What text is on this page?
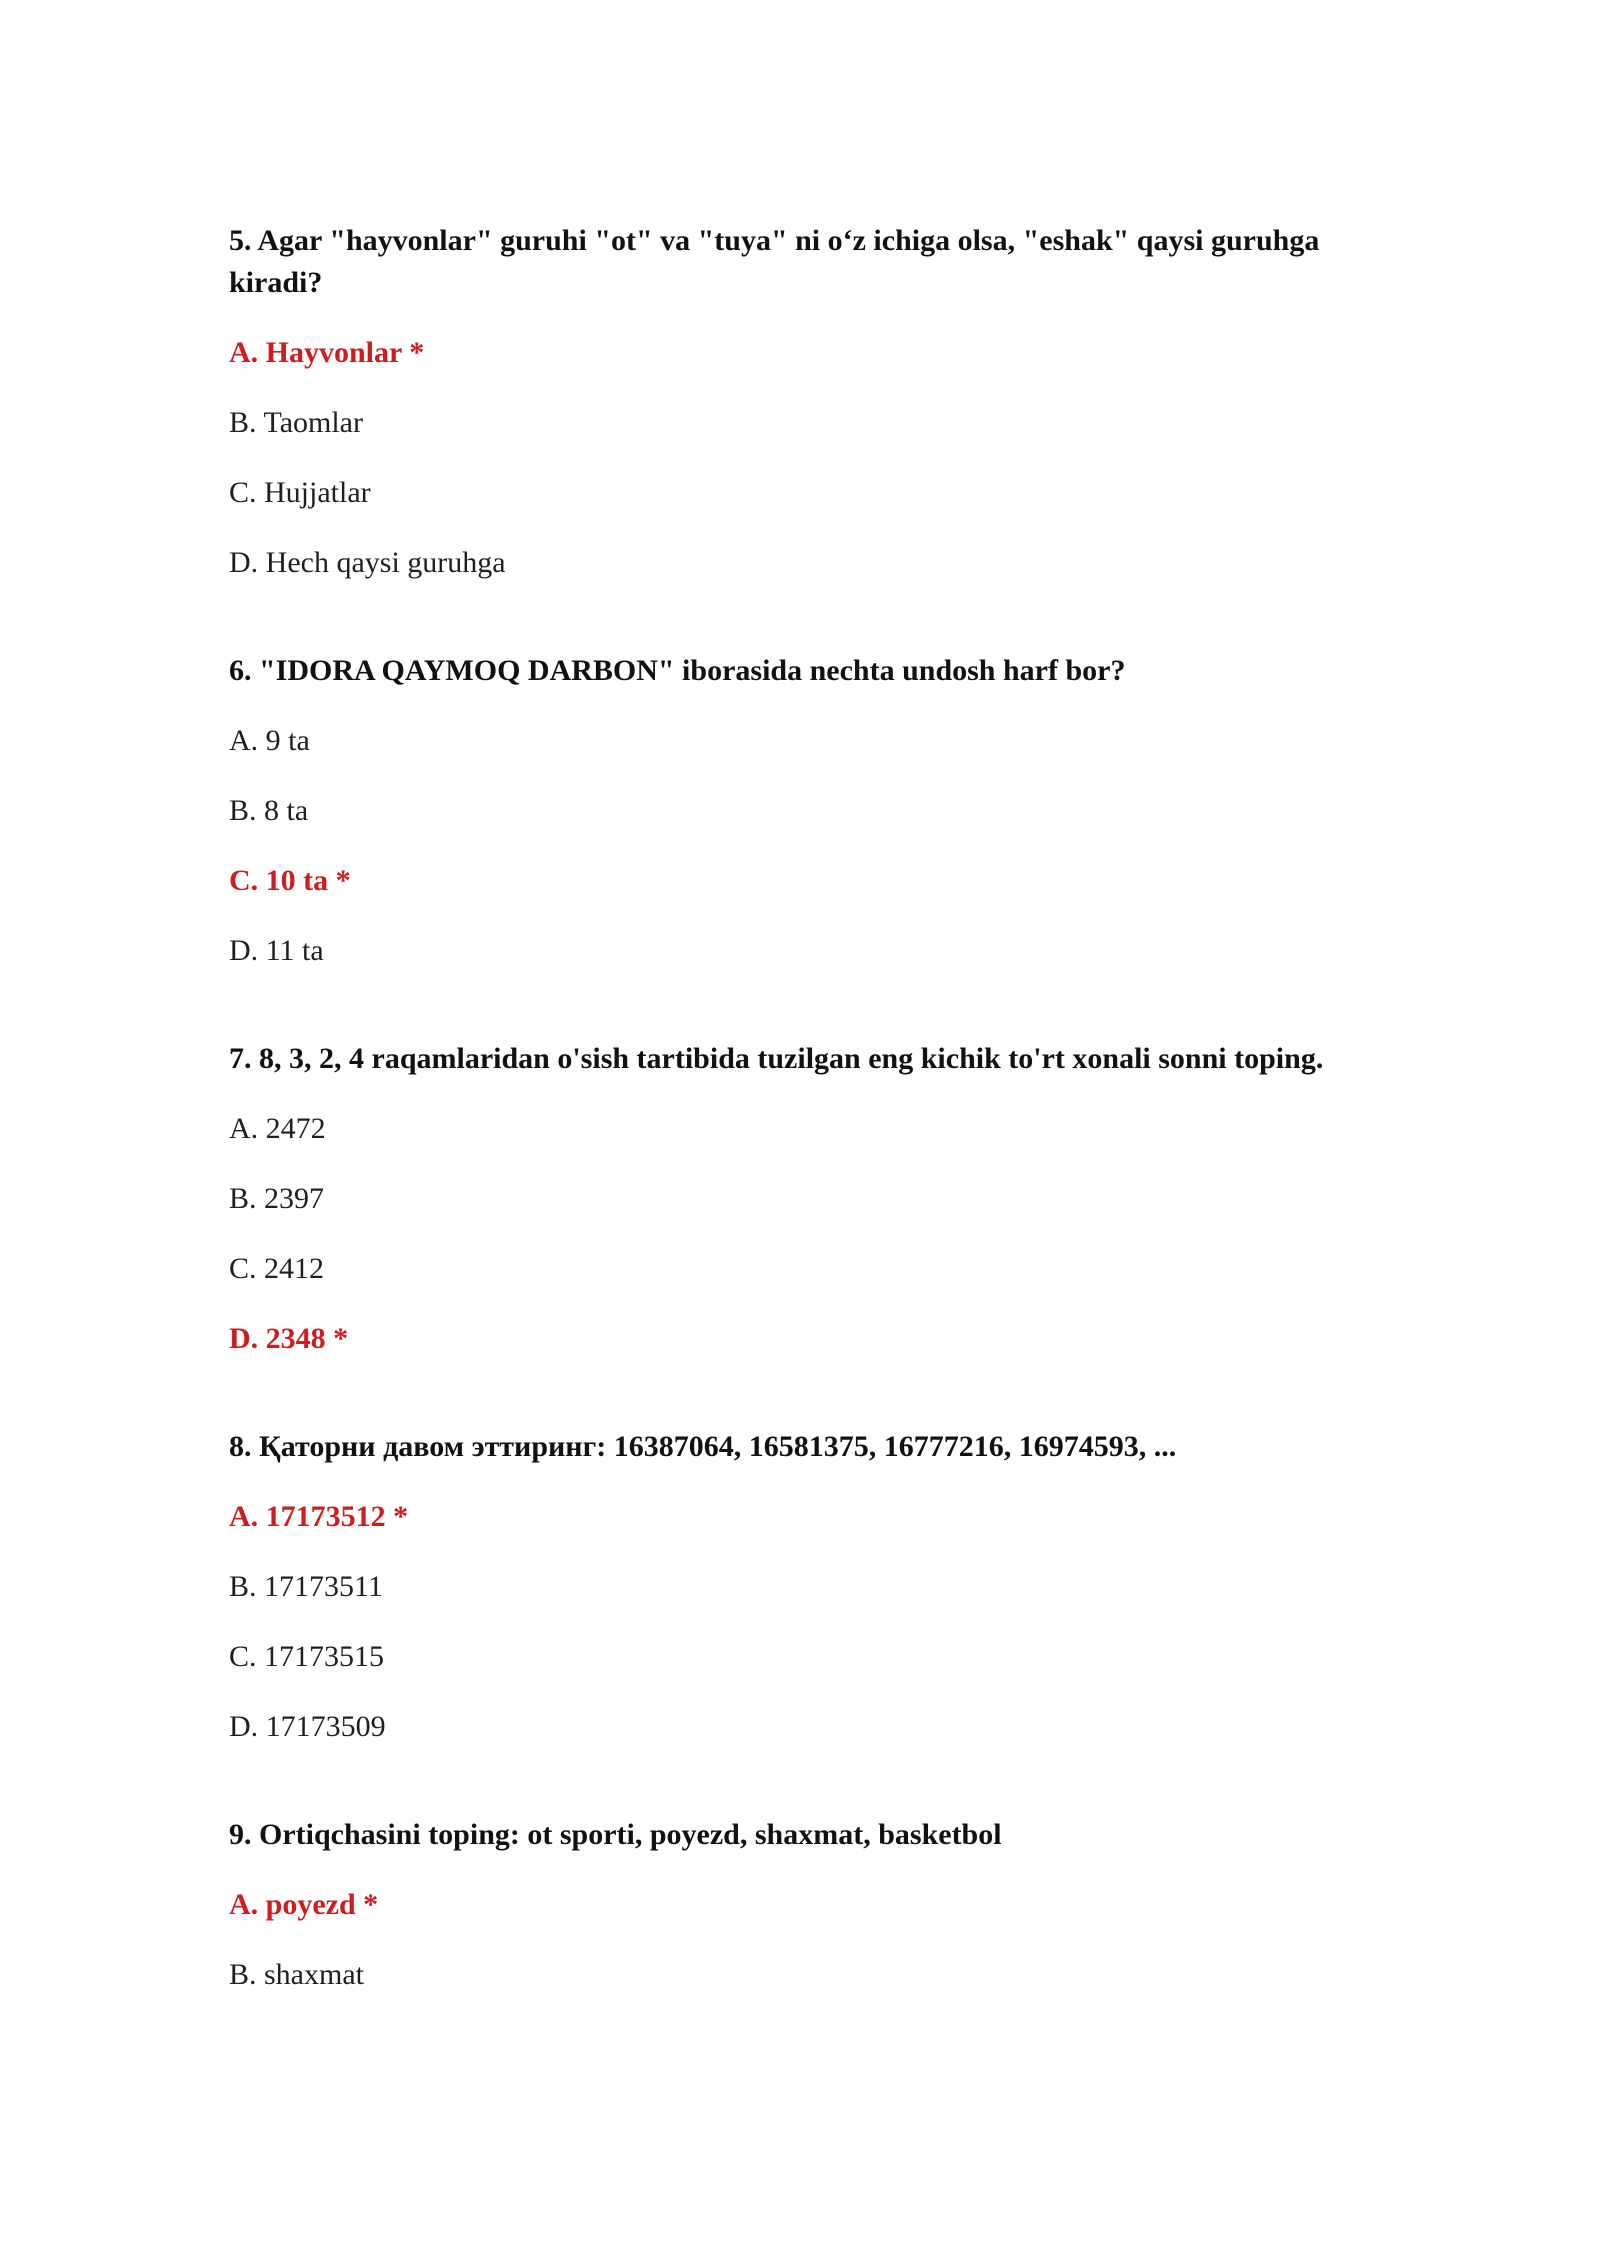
5. Agar "hayvonlar" guruhi "ot" va "tuya" ni o‘z ichiga olsa, "eshak" qaysi guruhga kiradi?

A. Hayvonlar *

B. Taomlar

C. Hujjatlar

D. Hech qaysi guruhga

6. "IDORA QAYMOQ DARBON" iborasida nechta undosh harf bor?

A. 9 ta

B. 8 ta

C. 10 ta *

D. 11 ta

7. 8, 3, 2, 4 raqamlaridan o'sish tartibida tuzilgan eng kichik to'rt xonali sonni toping.

A. 2472

B. 2397

C. 2412

D. 2348 *

8. Қаторни давом эттиринг: 16387064, 16581375, 16777216, 16974593, ...

A. 17173512 *

B. 17173511

C. 17173515

D. 17173509

9. Ortiqchasini toping: ot sporti, poyezd, shaxmat, basketbol

A. poyezd *

B. shaxmat
